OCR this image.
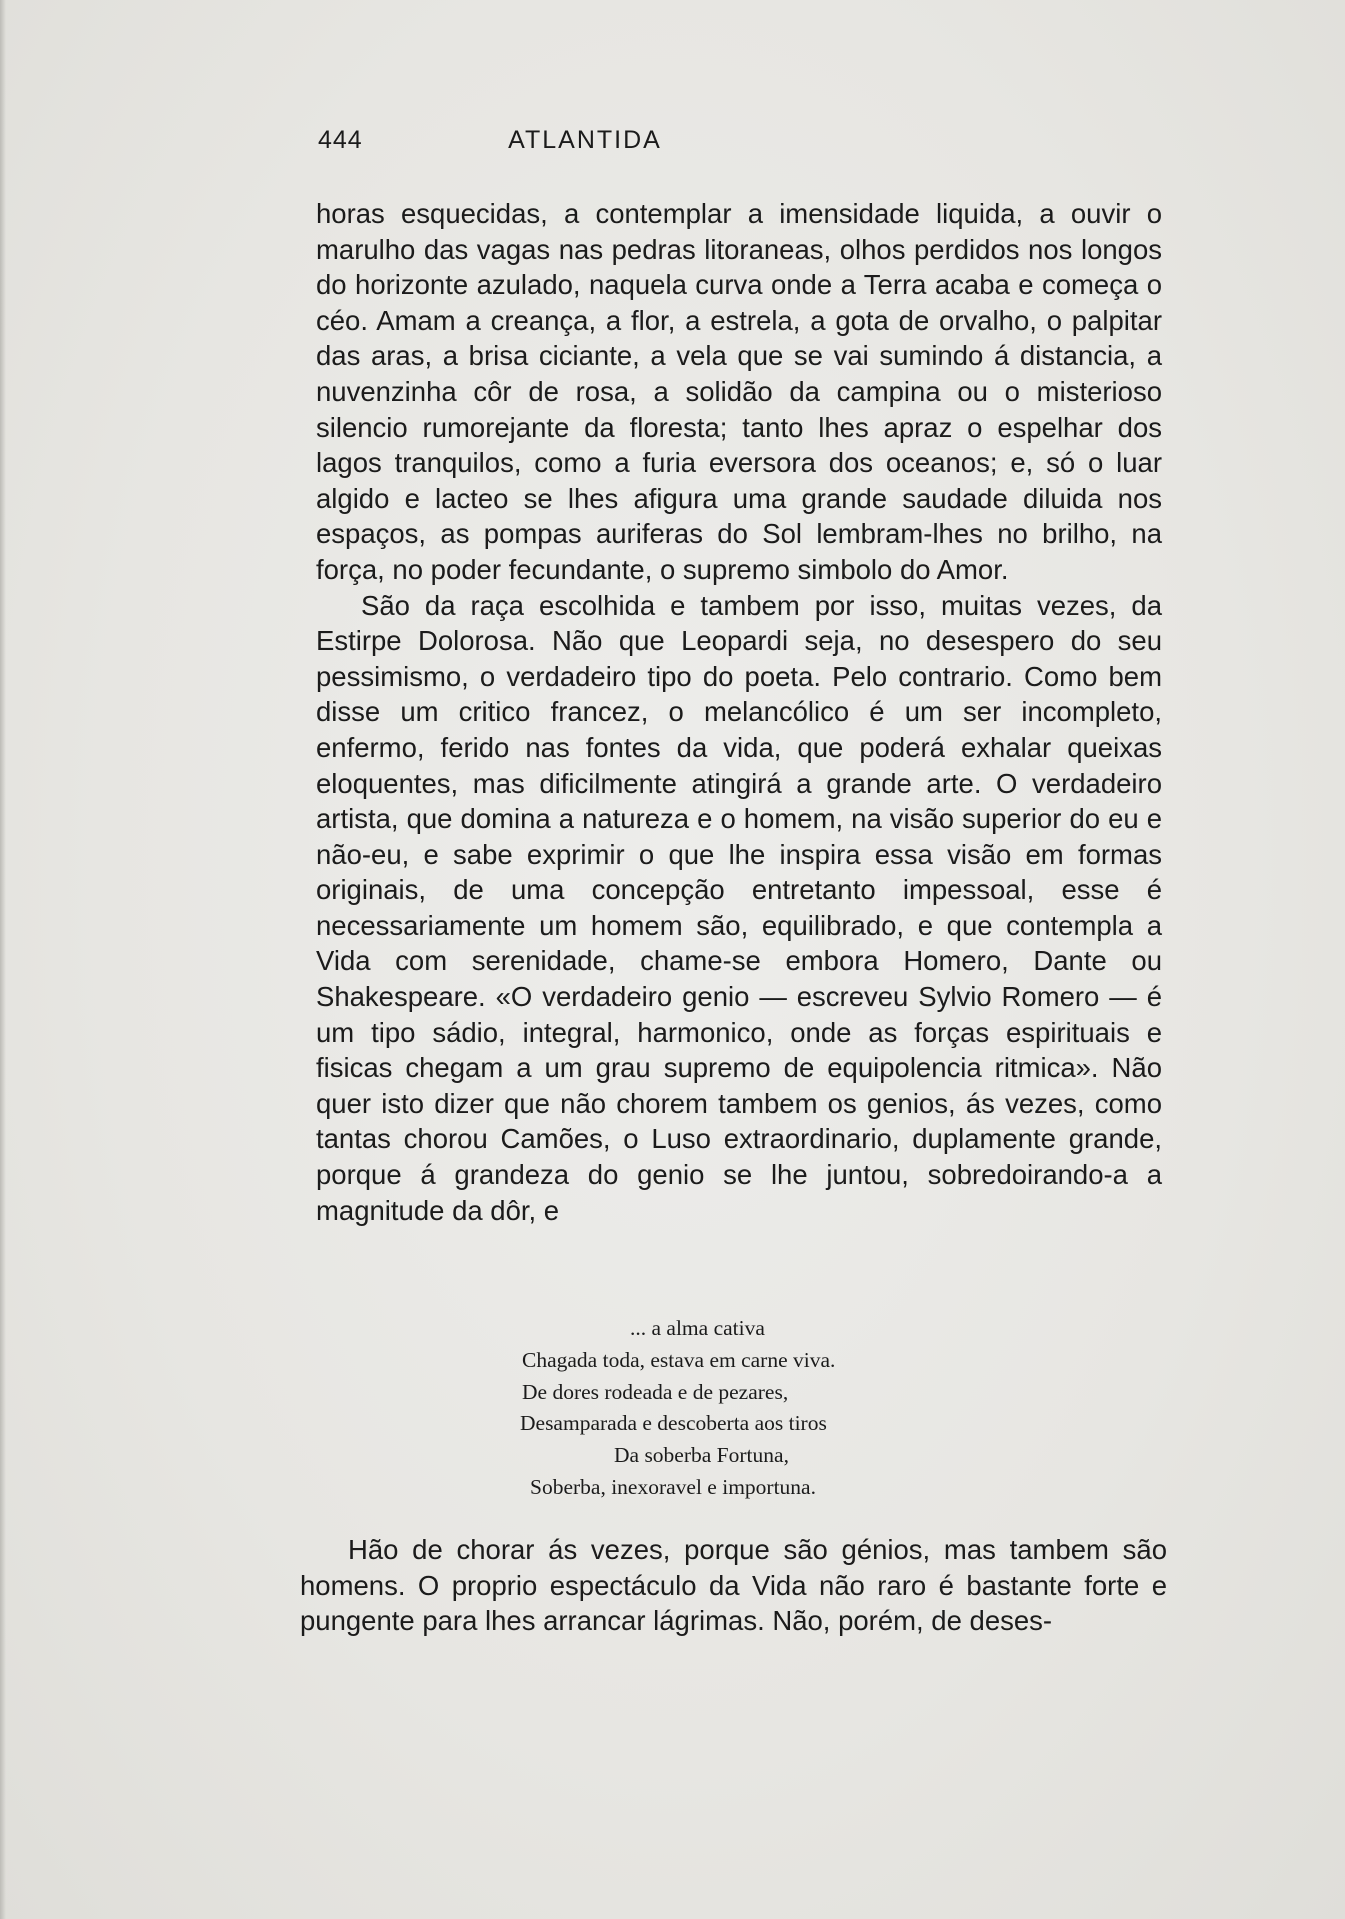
444	ATLANTIDA

horas esquecidas, a contemplar a imensidade liquida, a ouvir o marulho das vagas nas pedras litoraneas, olhos perdidos nos longos do horizonte azulado, naquela curva onde a Terra acaba e começa o céo. Amam a creança, a flor, a estrela, a gota de orvalho, o palpitar das aras, a brisa ciciante, a vela que se vai sumindo á distancia, a nuvenzinha côr de rosa, a solidão da campina ou o misterioso silencio rumorejante da floresta; tanto lhes apraz o espelhar dos lagos tranquilos, como a furia eversora dos oceanos; e, só o luar algido e lacteo se lhes afigura uma grande saudade diluida nos espaços, as pompas auriferas do Sol lembram-lhes no brilho, na força, no poder fecundante, o supremo simbolo do Amor.

São da raça escolhida e tambem por isso, muitas vezes, da Estirpe Dolorosa. Não que Leopardi seja, no desespero do seu pessimismo, o verdadeiro tipo do poeta. Pelo contrario. Como bem disse um critico francez, o melancólico é um ser incompleto, enfermo, ferido nas fontes da vida, que poderá exhalar queixas eloquentes, mas dificilmente atingirá a grande arte. O verdadeiro artista, que domina a natureza e o homem, na visão superior do eu e não-eu, e sabe exprimir o que lhe inspira essa visão em formas originais, de uma concepção entretanto impessoal, esse é necessariamente um homem são, equilibrado, e que contempla a Vida com serenidade, chame-se embora Homero, Dante ou Shakespeare. «O verdadeiro genio — escreveu Sylvio Romero — é um tipo sádio, integral, harmonico, onde as forças espirituais e fisicas chegam a um grau supremo de equipolencia ritmica». Não quer isto dizer que não chorem tambem os genios, ás vezes, como tantas chorou Camões, o Luso extraordinario, duplamente grande, porque á grandeza do genio se lhe juntou, sobredoirando-a a magnitude da dôr, e

... a alma cativa
Chagada toda, estava em carne viva.
De dores rodeada e de pezares,
Desamparada e descoberta aos tiros
Da soberba Fortuna,
Soberba, inexoravel e importuna.

Hão de chorar ás vezes, porque são génios, mas tambem são homens. O proprio espectáculo da Vida não raro é bastante forte e pungente para lhes arrancar lágrimas. Não, porém, de deses-
